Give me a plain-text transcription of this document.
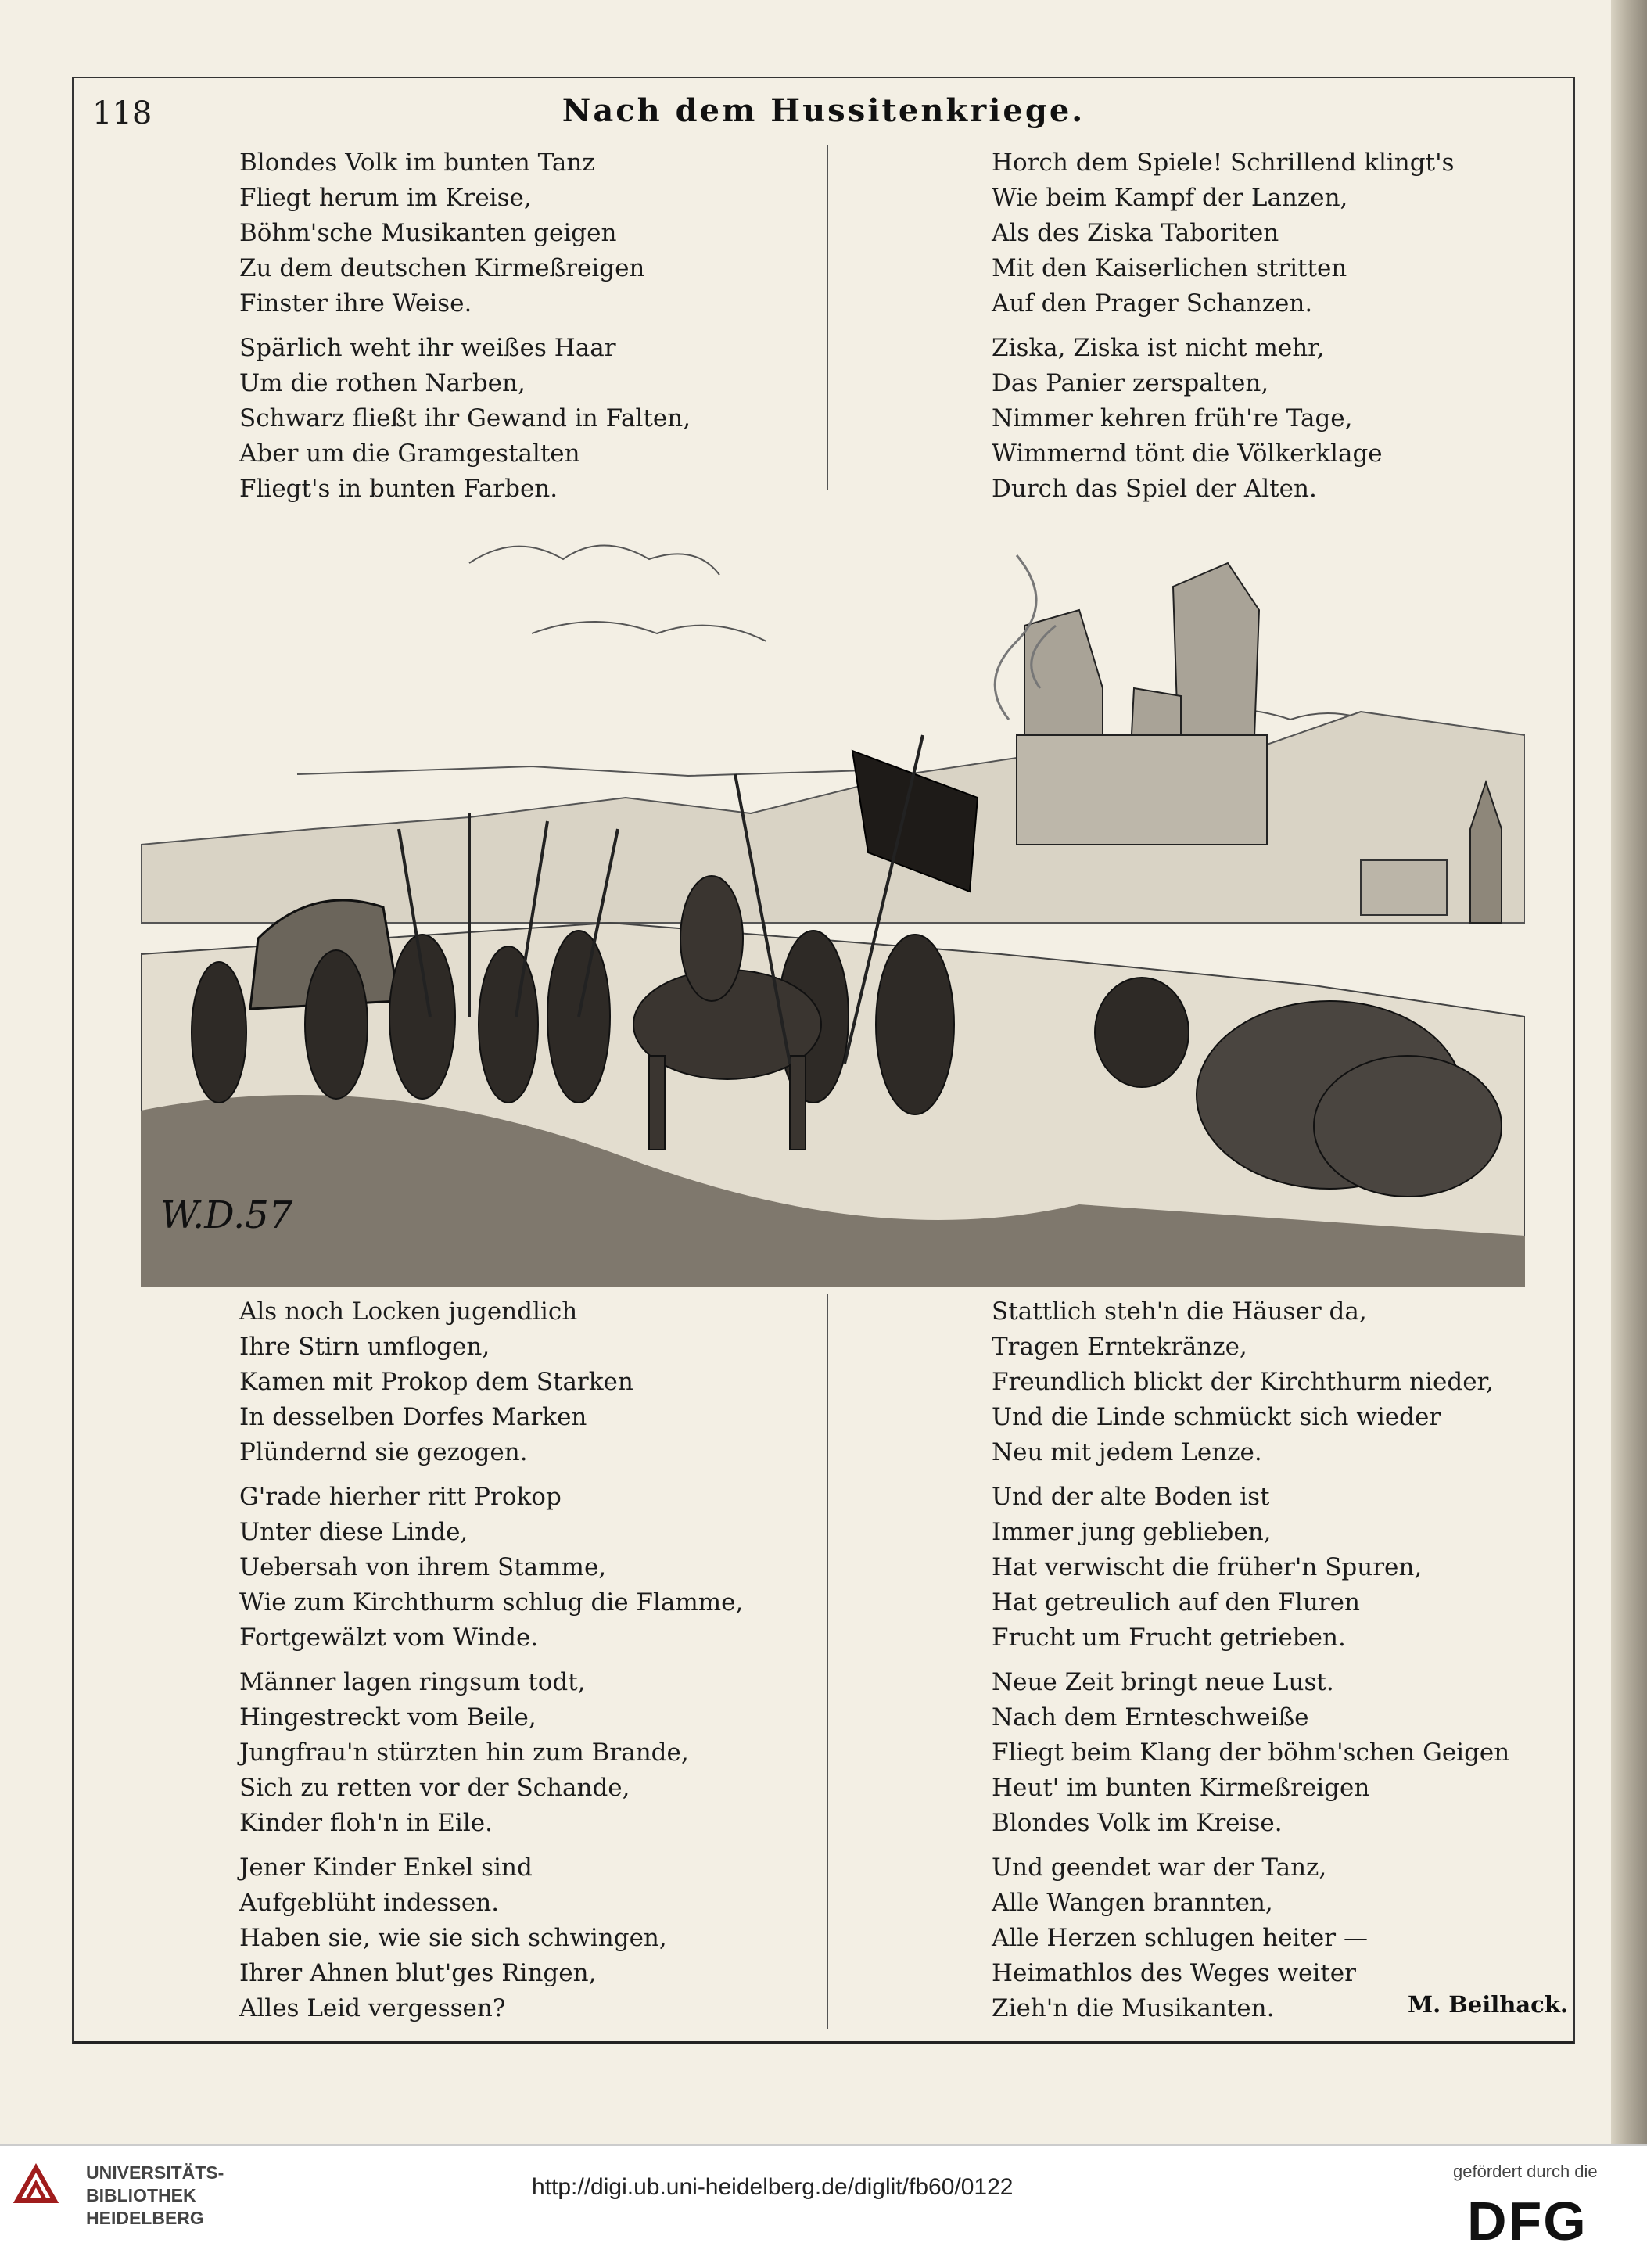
118	Nach dem Hussitenkriege.
Blondes Volk im bunten Tanz
Fliegt herum im Kreise,
Böhm'sche Musikanten geigen
Zu dem deutschen Kirmeßreigen
Finster ihre Weise.
Spärlich weht ihr weißes Haar
Um die rothen Narben,
Schwarz fließt ihr Gewand in Falten,
Aber um die Gramgestalten
Fliegt's in bunten Farben.
Horch dem Spiele! Schrillend klingt's
Wie beim Kampf der Lanzen,
Als des Ziska Taboriten
Mit den Kaiserlichen stritten
Auf den Prager Schanzen.
Ziska, Ziska ist nicht mehr,
Das Panier zerspalten,
Nimmer kehren früh're Tage,
Wimmernd tönt die Völkerklage
Durch das Spiel der Alten.
W.D.57
Als noch Locken jugendlich
Ihre Stirn umflogen,
Kamen mit Prokop dem Starken
In desselben Dorfes Marken
Plündernd sie gezogen.
G'rade hierher ritt Prokop
Unter diese Linde,
Uebersah von ihrem Stamme,
Wie zum Kirchthurm schlug die Flamme,
Fortgewälzt vom Winde.
Männer lagen ringsum todt,
Hingestreckt vom Beile,
Jungfrau'n stürzten hin zum Brande,
Sich zu retten vor der Schande,
Kinder floh'n in Eile.
Jener Kinder Enkel sind
Aufgeblüht indessen.
Haben sie, wie sie sich schwingen,
Ihrer Ahnen blut'ges Ringen,
Alles Leid vergessen?
Stattlich steh'n die Häuser da,
Tragen Erntekränze,
Freundlich blickt der Kirchthurm nieder,
Und die Linde schmückt sich wieder
Neu mit jedem Lenze.
Und der alte Boden ist
Immer jung geblieben,
Hat verwischt die früher'n Spuren,
Hat getreulich auf den Fluren
Frucht um Frucht getrieben.
Neue Zeit bringt neue Lust.
Nach dem Ernteschweiße
Fliegt beim Klang der böhm'schen Geigen
Heut' im bunten Kirmeßreigen
Blondes Volk im Kreise.
Und geendet war der Tanz,
Alle Wangen brannten,
Alle Herzen schlugen heiter —
Heimathlos des Weges weiter
Zieh'n die Musikanten.	M. Beilhack.
UNIVERSITÄTS-
BIBLIOTHEK
HEIDELBERG
http://digi.ub.uni-heidelberg.de/diglit/fb60/0122
gefördert durch die
DFG
